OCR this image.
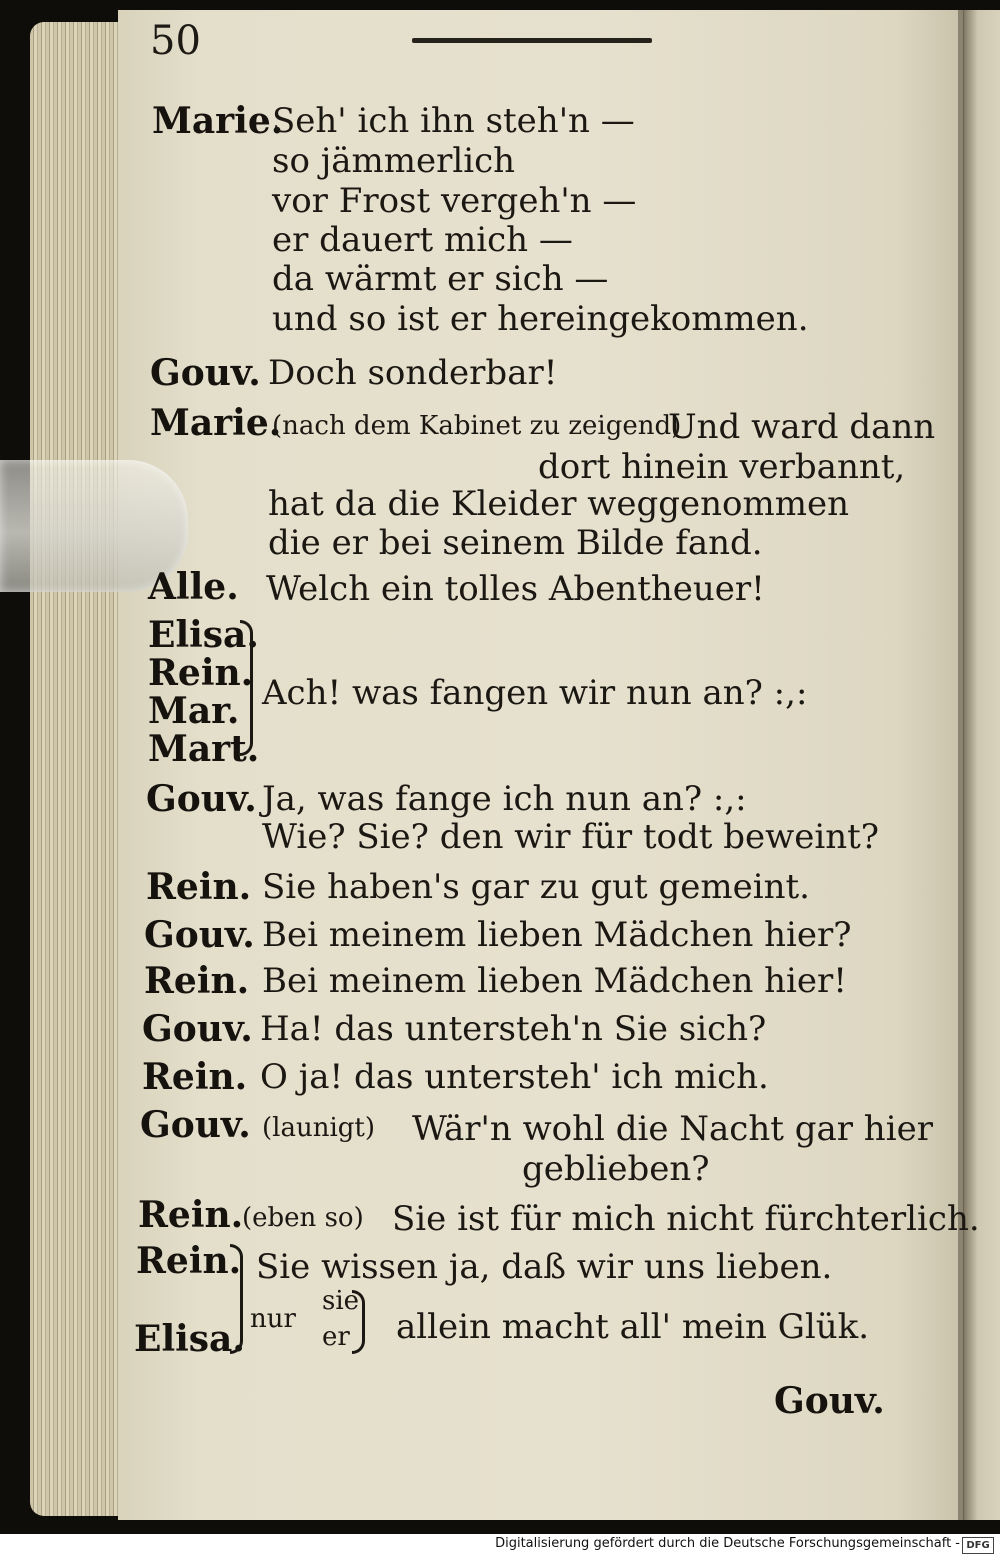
50
Marie.
Seh' ich ihn steh'n —
so jämmerlich
vor Frost vergeh'n —
er dauert mich —
da wärmt er sich —
und so ist er hereingekommen.
Gouv. Doch sonderbar!
Marie.
(nach dem Kabinet zu zeigend)
Und ward dann
dort hinein verbannt,
hat da die Kleider weggenommen
die er bei seinem Bilde fand.
Alle. Welch ein tolles Abentheuer!
Elisa.
Rein.
Mar.
Mart.
Ach! was fangen wir nun an? :,:
Gouv. Ja, was fange ich nun an? :,:
Wie? Sie? den wir für todt beweint?
Rein. Sie haben's gar zu gut gemeint.
Gouv. Bei meinem lieben Mädchen hier?
Rein. Bei meinem lieben Mädchen hier!
Gouv. Ha! das untersteh'n Sie sich?
Rein. O ja! das untersteh' ich mich.
Gouv. (launigt) Wär'n wohl die Nacht gar hier
geblieben?
Rein.
(eben so) Sie ist für mich nicht fürchterlich.
Rein.
Elisa.
Sie wissen ja, daß wir uns lieben.
nur
sie
er allein macht all' mein Glük.
Gouv.
Digitalisierung gefördert durch die Deutsche Forschungsgemeinschaft - DFG
